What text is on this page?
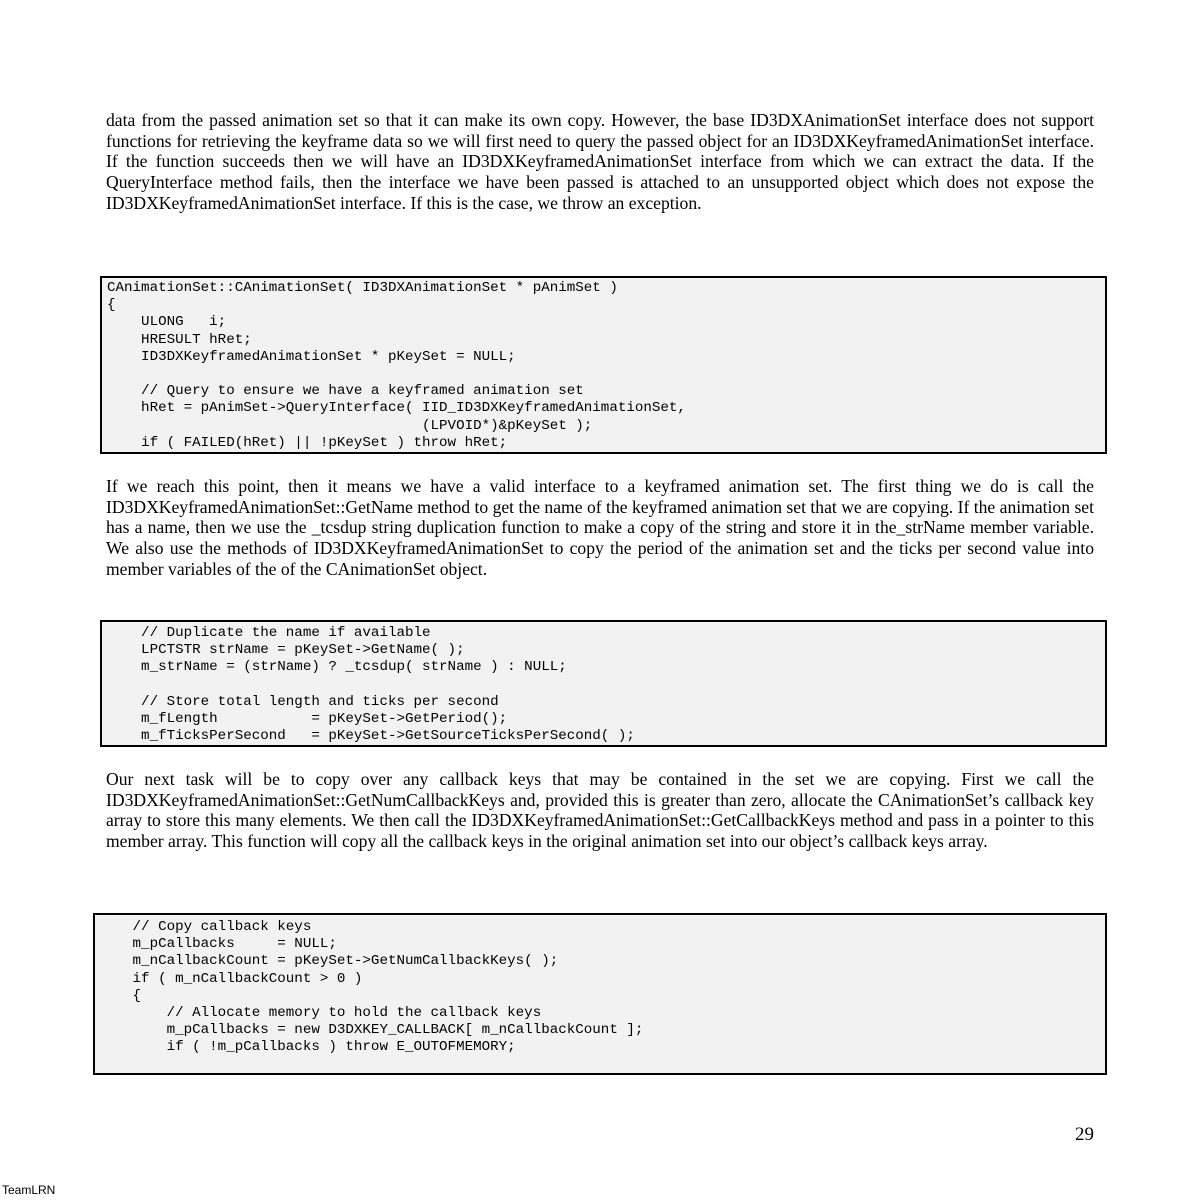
data from the passed animation set so that it can make its own copy. However, the base ID3DXAnimationSet interface does not support functions for retrieving the keyframe data so we will first need to query the passed object for an ID3DXKeyframedAnimationSet interface. If the function succeeds then we will have an ID3DXKeyframedAnimationSet interface from which we can extract the data. If the QueryInterface method fails, then the interface we have been passed is attached to an unsupported object which does not expose the ID3DXKeyframedAnimationSet interface. If this is the case, we throw an exception.

CAnimationSet::CAnimationSet( ID3DXAnimationSet * pAnimSet )
{
ULONG   i;
HRESULT hRet;
ID3DXKeyframedAnimationSet * pKeySet = NULL;
// Query to ensure we have a keyframed animation set
hRet = pAnimSet->QueryInterface( IID_ID3DXKeyframedAnimationSet,
(LPVOID*)&pKeySet );
if ( FAILED(hRet) || !pKeySet ) throw hRet;

If we reach this point, then it means we have a valid interface to a keyframed animation set. The first thing we do is call the ID3DXKeyframedAnimationSet::GetName method to get the name of the keyframed animation set that we are copying. If the animation set has a name, then we use the _tcsdup string duplication function to make a copy of the string and store it in the_strName member variable. We also use the methods of ID3DXKeyframedAnimationSet to copy the period of the animation set and the ticks per second value into member variables of the of the CAnimationSet object.

// Duplicate the name if available
LPCTSTR strName = pKeySet->GetName( );
m_strName = (strName) ? _tcsdup( strName ) : NULL;
// Store total length and ticks per second
m_fLength           = pKeySet->GetPeriod();
m_fTicksPerSecond   = pKeySet->GetSourceTicksPerSecond( );

Our next task will be to copy over any callback keys that may be contained in the set we are copying. First we call the ID3DXKeyframedAnimationSet::GetNumCallbackKeys and, provided this is greater than zero, allocate the CAnimationSet’s callback key array to store this many elements. We then call the ID3DXKeyframedAnimationSet::GetCallbackKeys method and pass in a pointer to this member array. This function will copy all the callback keys in the original animation set into our object’s callback keys array.

// Copy callback keys
m_pCallbacks     = NULL;
m_nCallbackCount = pKeySet->GetNumCallbackKeys( );
if ( m_nCallbackCount > 0 )
{
// Allocate memory to hold the callback keys
m_pCallbacks = new D3DXKEY_CALLBACK[ m_nCallbackCount ];
if ( !m_pCallbacks ) throw E_OUTOFMEMORY;
29
TeamLRN
